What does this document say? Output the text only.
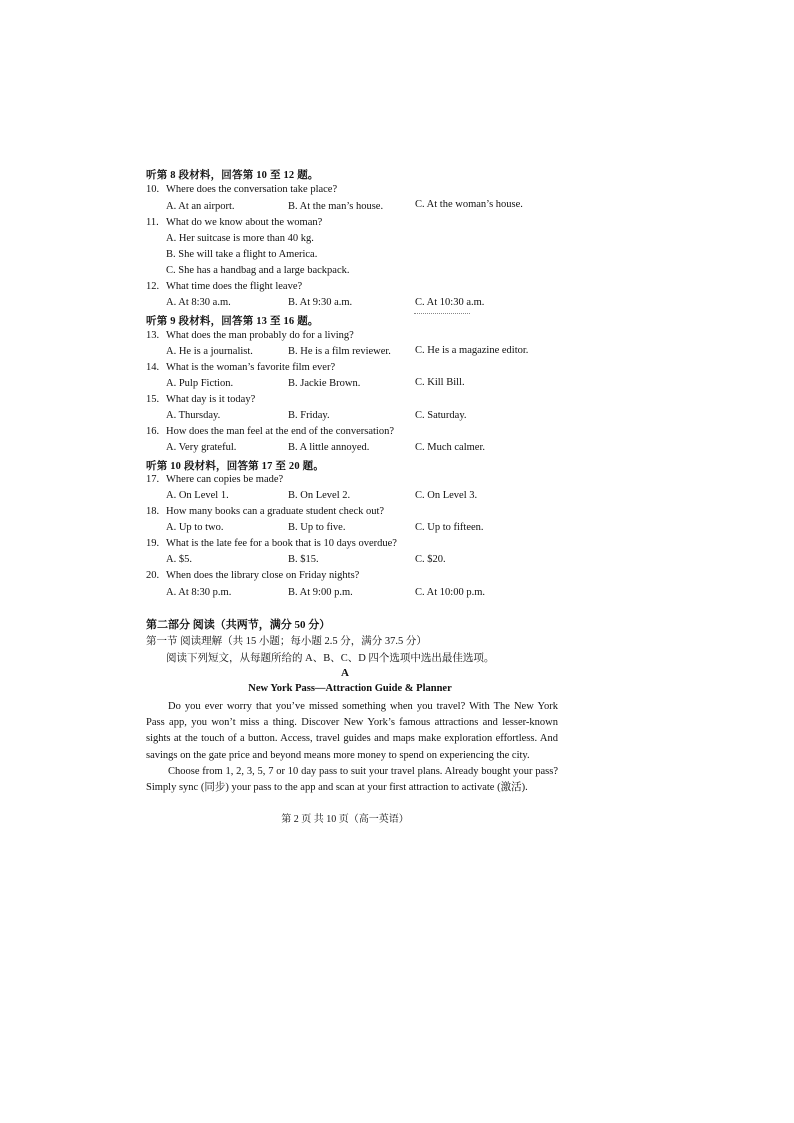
听第 8 段材料，回答第 10 至 12 题。
10. Where does the conversation take place?
A. At an airport.	B. At the man’s house.	C. At the woman’s house.
11. What do we know about the woman?
A. Her suitcase is more than 40 kg.
B. She will take a flight to America.
C. She has a handbag and a large backpack.
12. What time does the flight leave?
A. At 8:30 a.m.	B. At 9:30 a.m.	C. At 10:30 a.m.
听第 9 段材料，回答第 13 至 16 题。
13. What does the man probably do for a living?
A. He is a journalist.	B. He is a film reviewer. C. He is a magazine editor.
14. What is the woman’s favorite film ever?
A. Pulp Fiction.	B. Jackie Brown.	C. Kill Bill.
15. What day is it today?
A. Thursday.	B. Friday.	C. Saturday.
16. How does the man feel at the end of the conversation?
A. Very grateful.	B. A little annoyed.	C. Much calmer.
听第 10 段材料，回答第 17 至 20 题。
17. Where can copies be made?
A. On Level 1.	B. On Level 2.	C. On Level 3.
18. How many books can a graduate student check out?
A. Up to two.	B. Up to five.	C. Up to fifteen.
19. What is the late fee for a book that is 10 days overdue?
A. $5.	B. $15.	C. $20.
20. When does the library close on Friday nights?
A. At 8:30 p.m.	B. At 9:00 p.m.	C. At 10:00 p.m.
第二部分 阅读（共两节，满分 50 分）
第一节 阅读理解（共 15 小题；每小题 2.5 分，满分 37.5 分）
阅读下列短文，从每题所给的 A、B、C、D 四个选项中选出最佳选项。
A
New York Pass—Attraction Guide & Planner
Do you ever worry that you’ve missed something when you travel? With The New York Pass app, you won’t miss a thing. Discover New York’s famous attractions and lesser-known sights at the touch of a button. Access, travel guides and maps make exploration effortless. And savings on the gate price and beyond means more money to spend on experiencing the city.
Choose from 1, 2, 3, 5, 7 or 10 day pass to suit your travel plans. Already bought your pass? Simply sync (同步) your pass to the app and scan at your first attraction to activate (激活).
第 2 页 共 10 页（高一英语）
